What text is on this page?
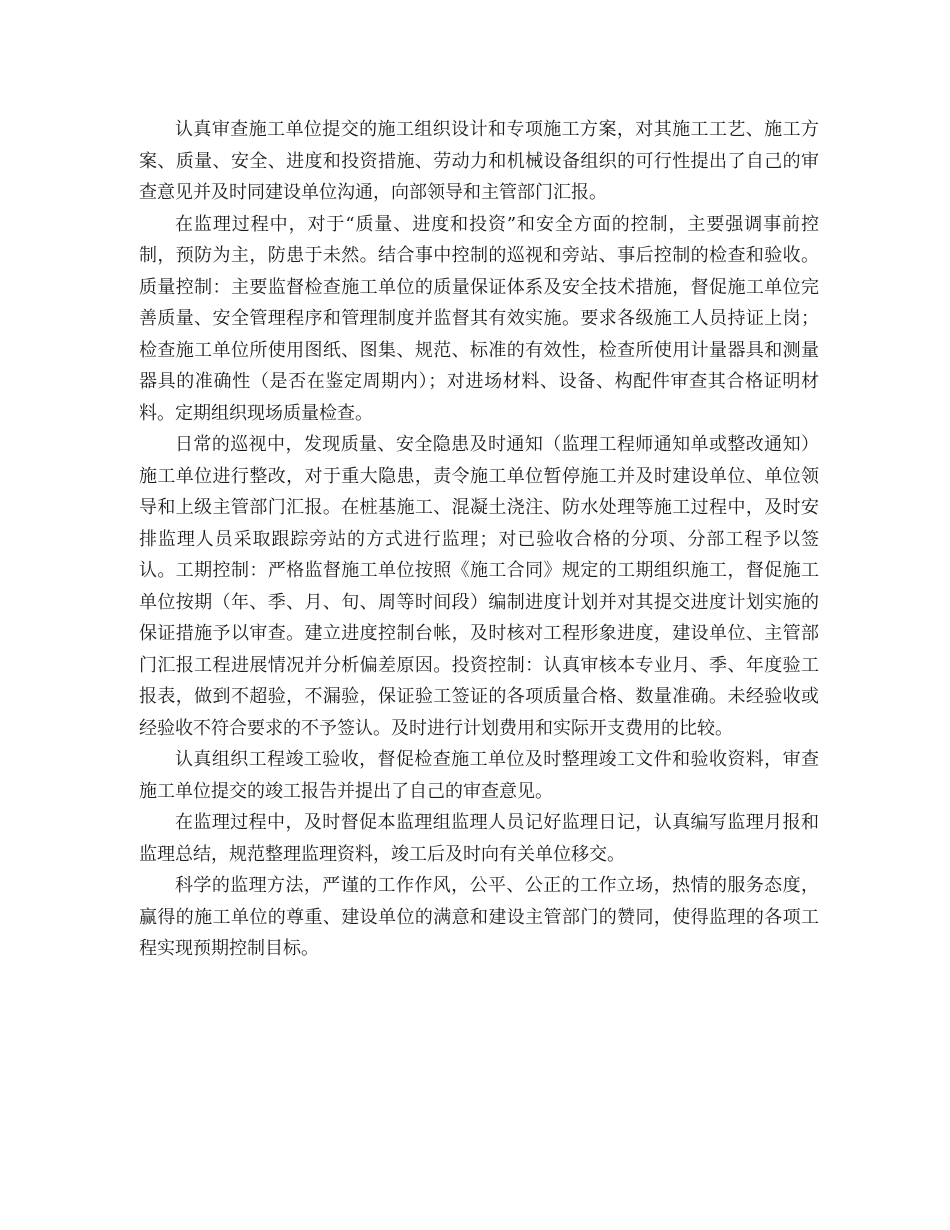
认真审查施工单位提交的施工组织设计和专项施工方案，对其施工工艺、施工方案、质量、安全、进度和投资措施、劳动力和机械设备组织的可行性提出了自己的审查意见并及时同建设单位沟通，向部领导和主管部门汇报。

在监理过程中，对于“质量、进度和投资”和安全方面的控制，主要强调事前控制，预防为主，防患于未然。结合事中控制的巡视和旁站、事后控制的检查和验收。质量控制：主要监督检查施工单位的质量保证体系及安全技术措施，督促施工单位完善质量、安全管理程序和管理制度并监督其有效实施。要求各级施工人员持证上岗；检查施工单位所使用图纸、图集、规范、标准的有效性，检查所使用计量器具和测量器具的准确性（是否在鉴定周期内）；对进场材料、设备、构配件审查其合格证明材料。定期组织现场质量检查。

日常的巡视中，发现质量、安全隐患及时通知（监理工程师通知单或整改通知）施工单位进行整改，对于重大隐患，责令施工单位暂停施工并及时建设单位、单位领导和上级主管部门汇报。在桩基施工、混凝土浇注、防水处理等施工过程中，及时安排监理人员采取跟踪旁站的方式进行监理；对已验收合格的分项、分部工程予以签认。工期控制：严格监督施工单位按照《施工合同》规定的工期组织施工，督促施工单位按期（年、季、月、旬、周等时间段）编制进度计划并对其提交进度计划实施的保证措施予以审查。建立进度控制台帐，及时核对工程形象进度，建设单位、主管部门汇报工程进展情况并分析偏差原因。投资控制：认真审核本专业月、季、年度验工报表，做到不超验，不漏验，保证验工签证的各项质量合格、数量准确。未经验收或经验收不符合要求的不予签认。及时进行计划费用和实际开支费用的比较。

认真组织工程竣工验收，督促检查施工单位及时整理竣工文件和验收资料，审查施工单位提交的竣工报告并提出了自己的审查意见。

在监理过程中，及时督促本监理组监理人员记好监理日记，认真编写监理月报和监理总结，规范整理监理资料，竣工后及时向有关单位移交。

科学的监理方法，严谨的工作作风，公平、公正的工作立场，热情的服务态度，赢得的施工单位的尊重、建设单位的满意和建设主管部门的赞同，使得监理的各项工程实现预期控制目标。
